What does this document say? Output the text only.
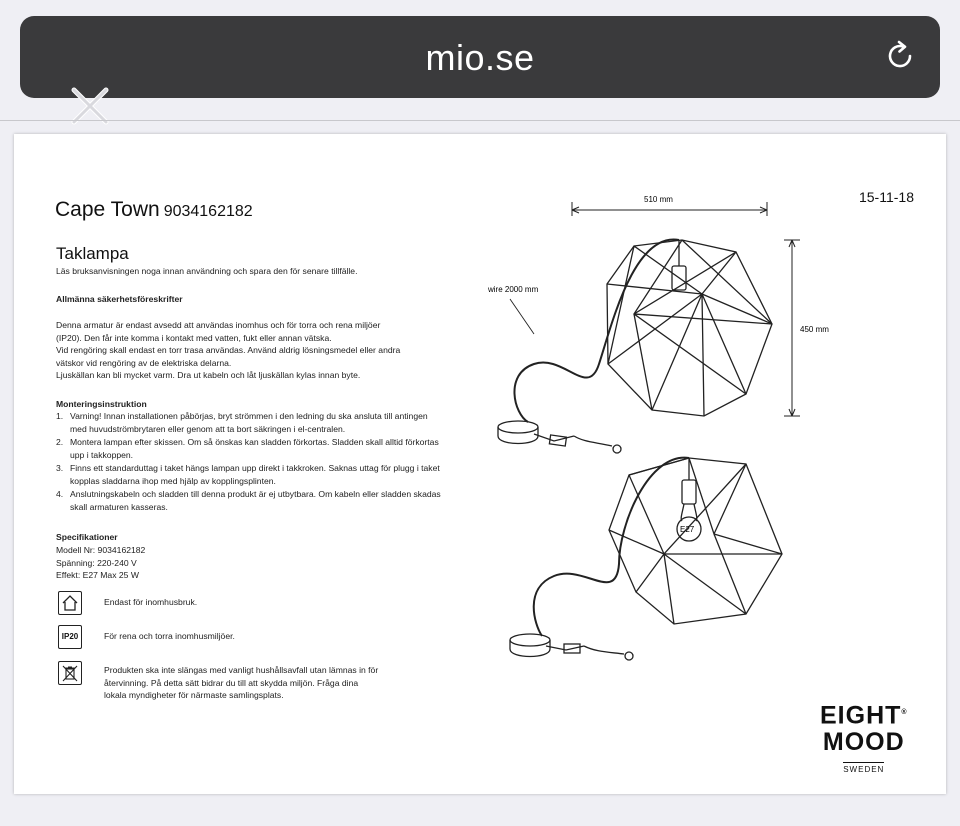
mio.se
Cape Town 9034162182
15-11-18
Taklampa
Läs bruksanvisningen noga innan användning och spara den för senare tillfälle.
Allmänna säkerhetsföreskrifter
Denna armatur är endast avsedd att användas inomhus och för torra och rena miljöer
(IP20). Den får inte komma i kontakt med vatten, fukt eller annan vätska.
Vid rengöring skall endast en torr trasa användas. Använd aldrig lösningsmedel eller andra
vätskor vid rengöring av de elektriska delarna.
Ljuskällan kan bli mycket varm. Dra ut kabeln och låt ljuskällan kylas innan byte.
Monteringsinstruktion
1. Varning! Innan installationen påbörjas, bryt strömmen i den ledning du ska ansluta till antingen med huvudströmbrytaren eller genom att ta bort säkringen i el-centralen.
2. Montera lampan efter skissen. Om så önskas kan sladden förkortas. Sladden skall alltid förkortas upp i takkoppen.
3. Finns ett standarduttag i taket hängs lampan upp direkt i takkroken. Saknas uttag för plugg i taket kopplas sladdarna ihop med hjälp av kopplingsplinten.
4. Anslutningskabeln och sladden till denna produkt är ej utbytbara. Om kabeln eller sladden skadas skall armaturen kasseras.
Specifikationer
Modell Nr: 9034162182
Spänning: 220-240 V
Effekt: E27 Max 25 W
Endast för inomhusbruk.
IP20	För rena och torra inomhusmiljöer.
Produkten ska inte slängas med vanligt hushållsavfall utan lämnas in för återvinning. På detta sätt bidrar du till att skydda miljön. Fråga dina lokala myndigheter för närmaste samlingsplats.
510 mm
450 mm
wire 2000 mm
E27
EIGHT®
MOOD
SWEDEN
